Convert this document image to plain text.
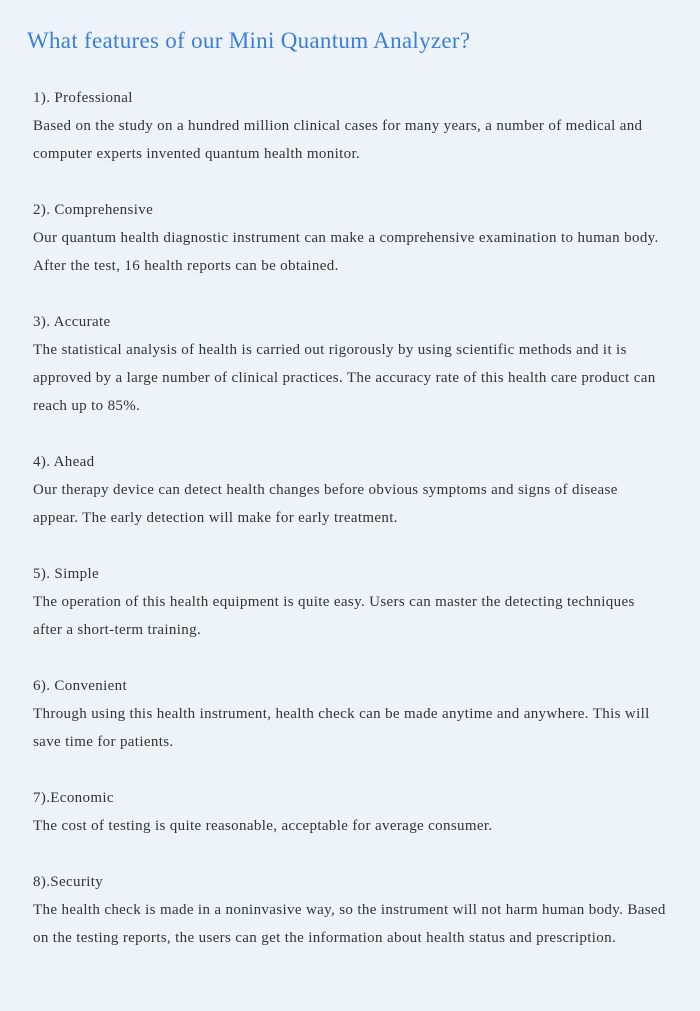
What features of our Mini Quantum Analyzer?
1). Professional
Based on the study on a hundred million clinical cases for many years, a number of medical and computer experts invented quantum health monitor.
2). Comprehensive
Our quantum health diagnostic instrument can make a comprehensive examination to human body. After the test, 16 health reports can be obtained.
3). Accurate
The statistical analysis of health is carried out rigorously by using scientific methods and it is approved by a large number of clinical practices. The accuracy rate of this health care product can reach up to 85%.
4). Ahead
Our therapy device can detect health changes before obvious symptoms and signs of disease appear. The early detection will make for early treatment.
5). Simple
The operation of this health equipment is quite easy. Users can master the detecting techniques after a short-term training.
6). Convenient
Through using this health instrument, health check can be made anytime and anywhere. This will save time for patients.
7).Economic
The cost of testing is quite reasonable, acceptable for average consumer.
8).Security
The health check is made in a noninvasive way, so the instrument will not harm human body. Based on the testing reports, the users can get the information about health status and prescription.
